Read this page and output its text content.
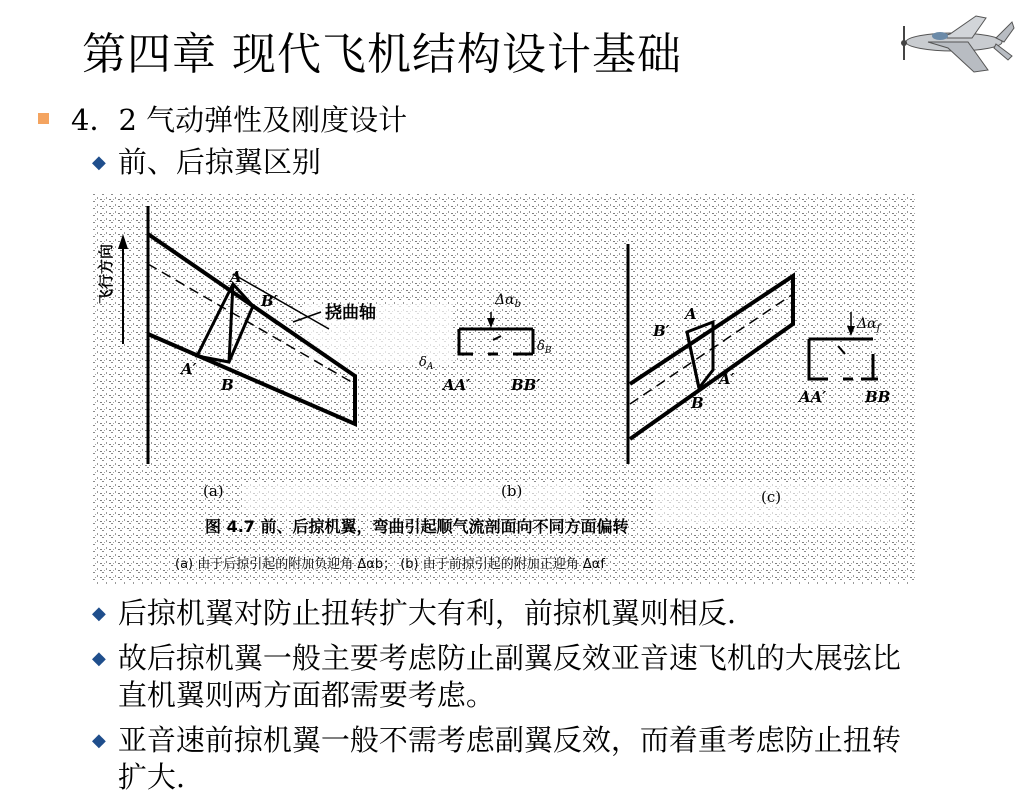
第四章 现代飞机结构设计基础
4．2 气动弹性及刚度设计
◆ 前、后掠翼区别
飞行方向	A
B′
A′
B
挠曲轴
$\Delta\alpha_b$
$\delta_A$
$\delta_B$
AA′	BB′
A
B′
A′
B
$\Delta\alpha_f$
AA′	BB
(a)	(b)	(c)
图 4.7 前、后掠机翼，弯曲引起顺气流剖面向不同方面偏转
(a) 由于后掠引起的附加负迎角 Δαb； (b) 由于前掠引起的附加正迎角 Δαf
◆ 后掠机翼对防止扭转扩大有利，前掠机翼则相反.
◆ 故后掠机翼一般主要考虑防止副翼反效亚音速飞机的大展弦比直机翼则两方面都需要考虑。
◆ 亚音速前掠机翼一般不需考虑副翼反效，而着重考虑防止扭转扩大.
